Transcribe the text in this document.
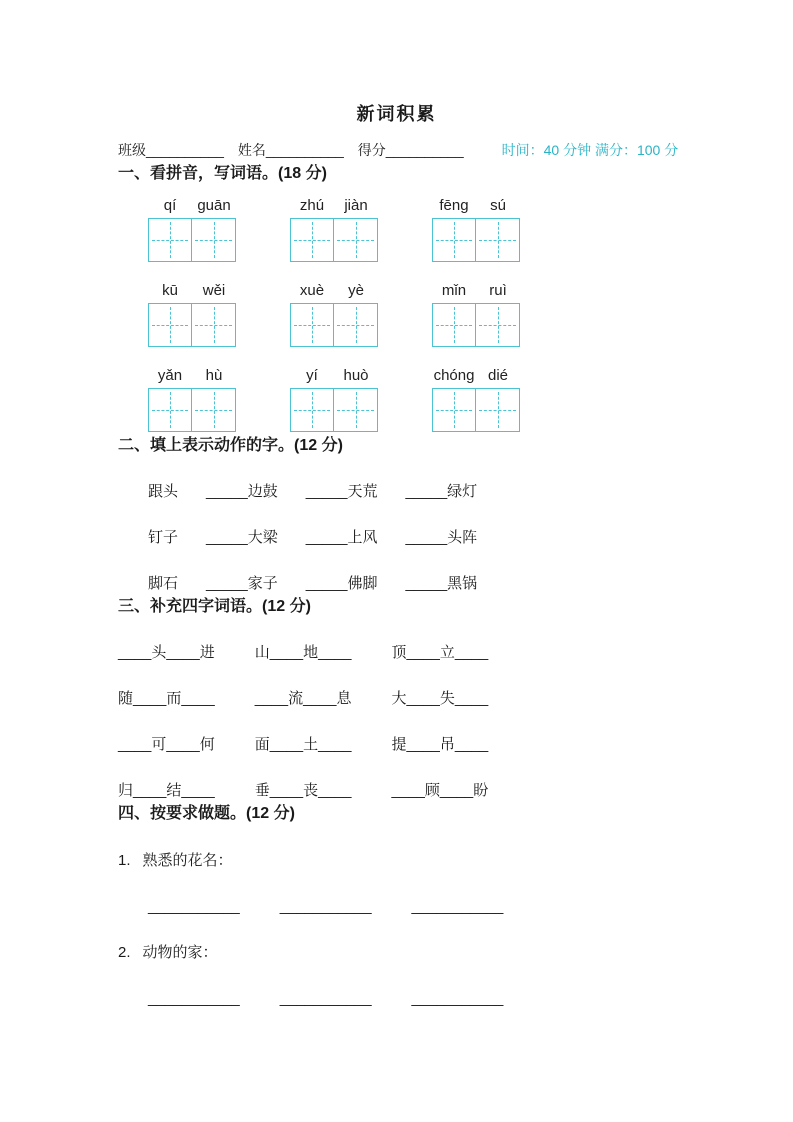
新词积累
班级__________ 姓名__________ 得分__________	时间：40 分钟 满分：100 分
一、看拼音，写词语。(18 分)
qí	guān	zhú	jiàn	fēng	sú
kū	wěi	xuè	yè	mǐn	ruì
yǎn	hù	yí	huò	chóng dié
二、填上表示动作的字。(12 分)
跟头 _____边鼓 _____天荒 _____绿灯
钉子 _____大梁 _____上风 _____头阵
脚石 _____家子 _____佛脚 _____黑锅
三、补充四字词语。(12 分)
____头____进	山____地____	顶____立____
随____而____	____流____息	大____失____
____可____何	面____土____	提____吊____
归____结____	垂____丧____	____顾____盼
四、按要求做题。(12 分)
1. 熟悉的花名：
___________	___________	___________
2. 动物的家：
___________	___________	___________
